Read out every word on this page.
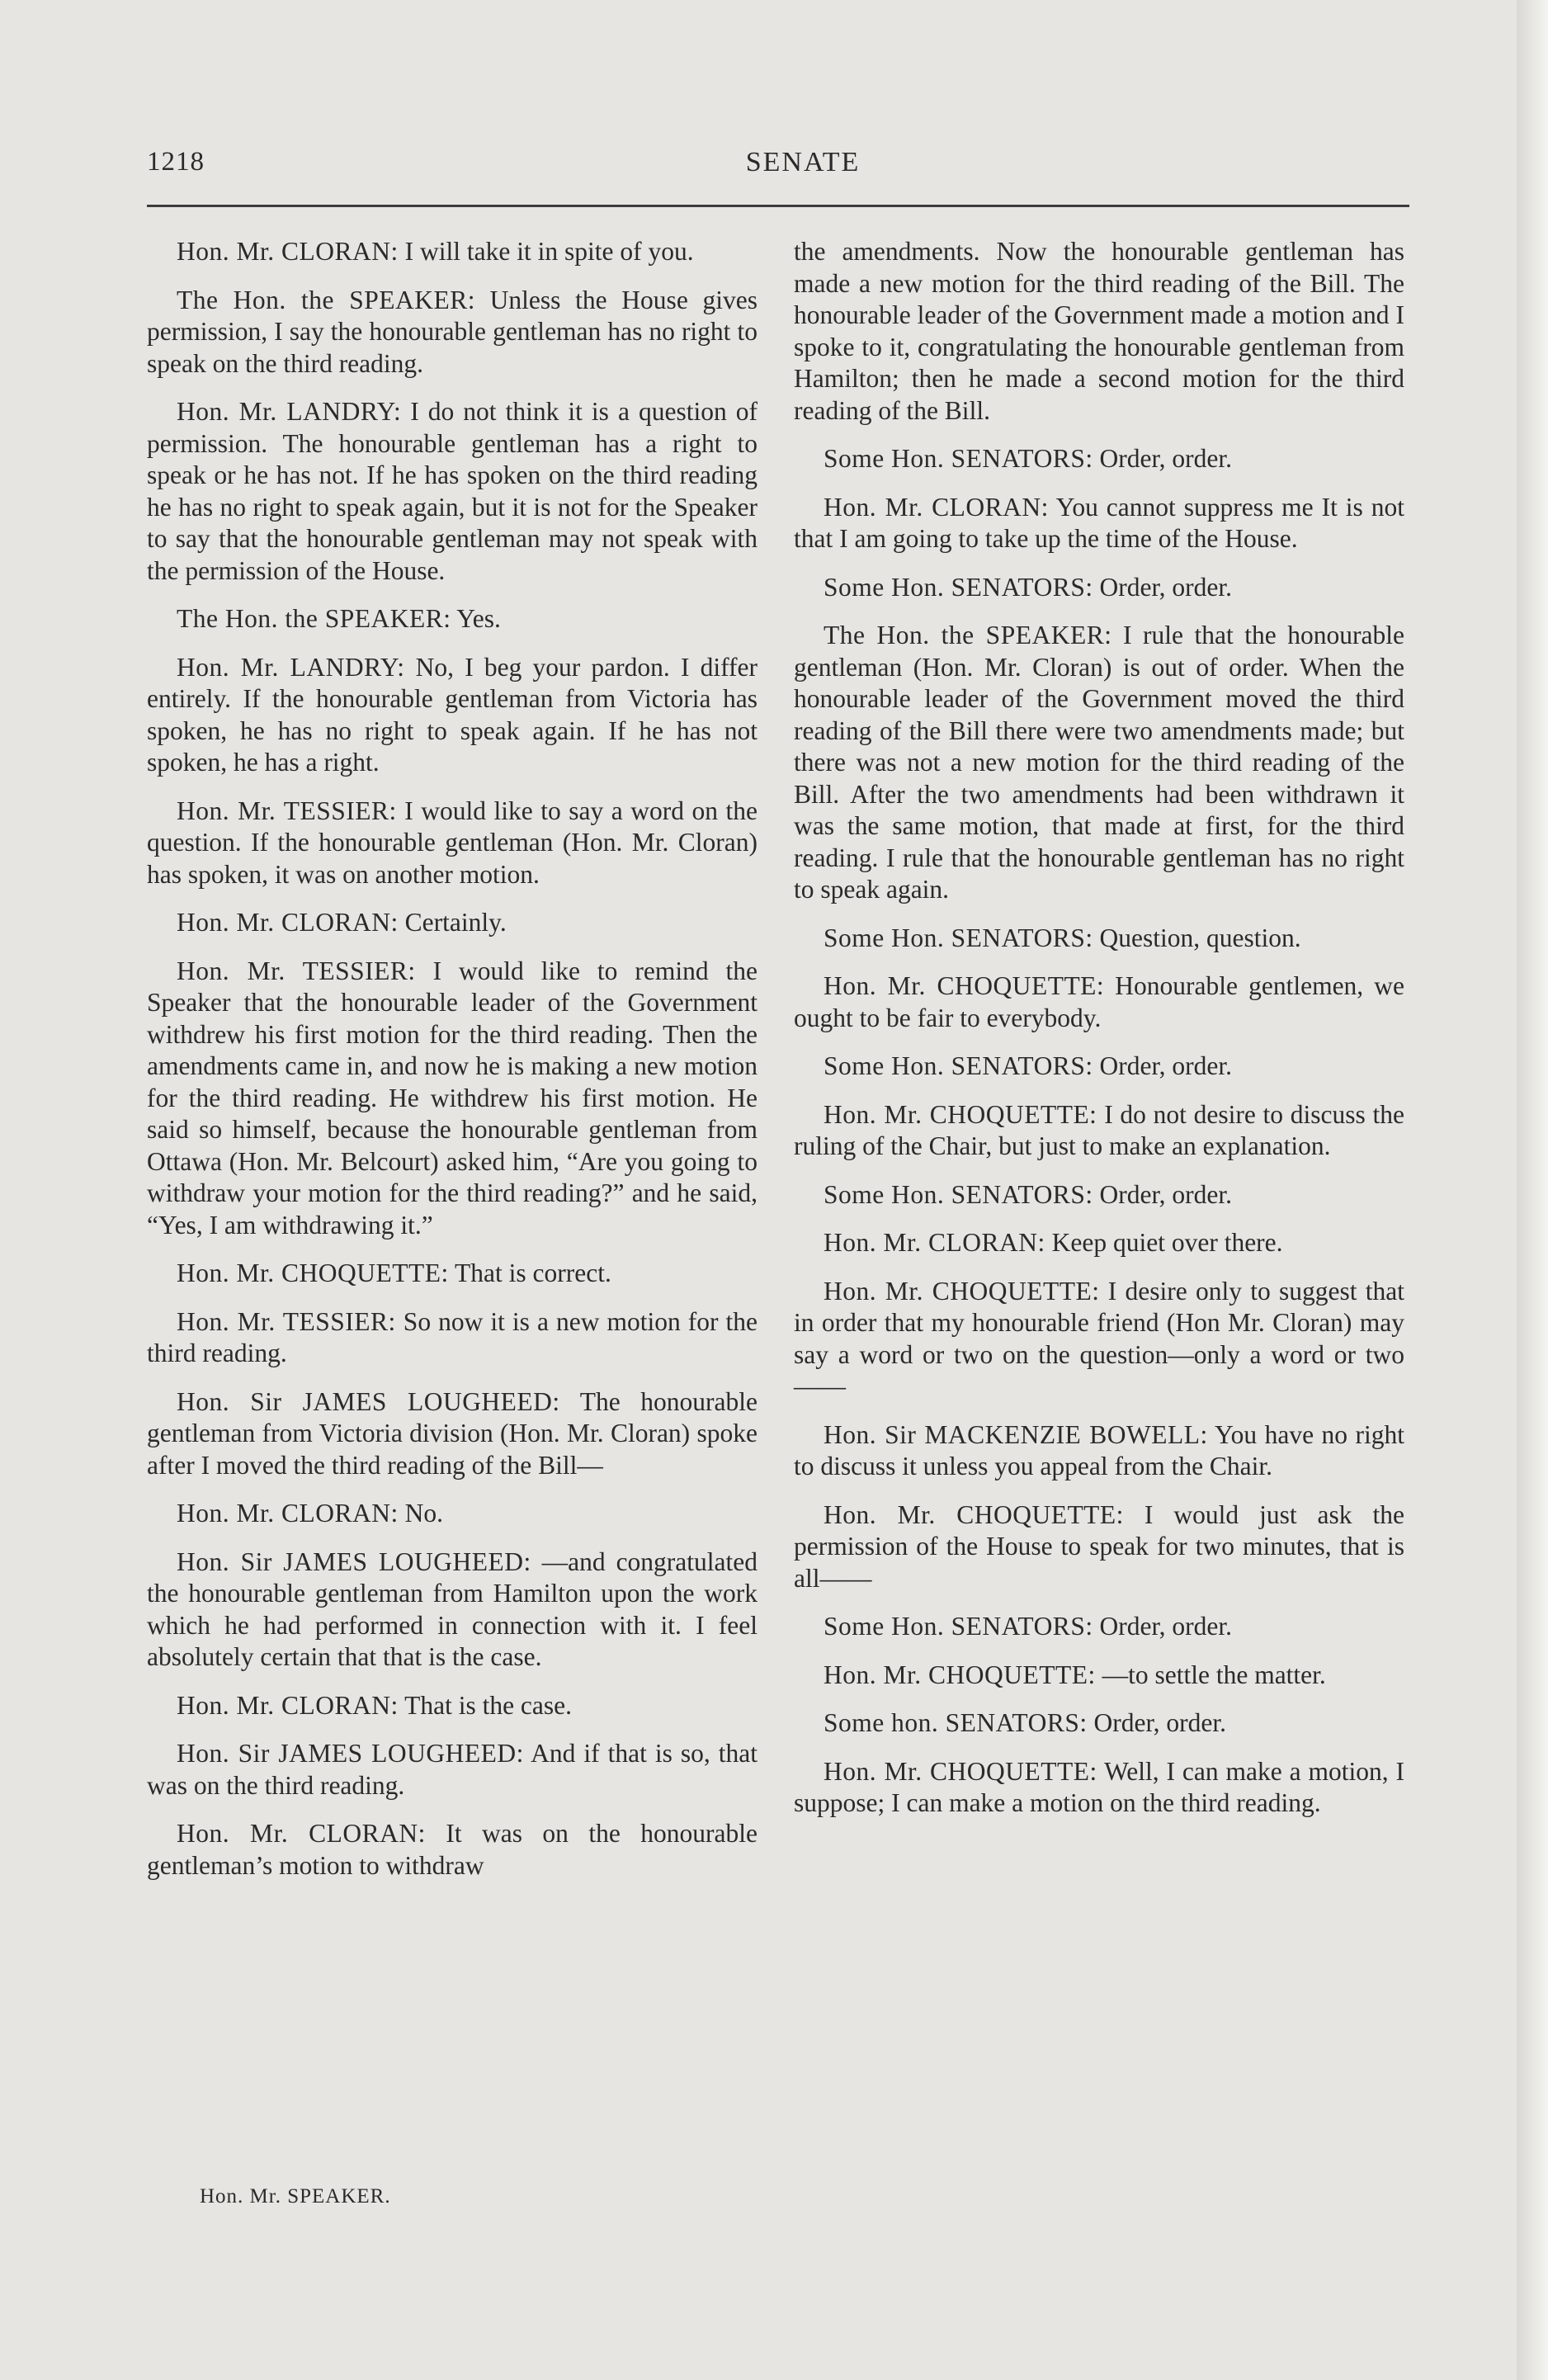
1218	SENATE

Hon. Mr. CLORAN: I will take it in spite of you.

The Hon. the SPEAKER: Unless the House gives permission, I say the honourable gentleman has no right to speak on the third reading.

Hon. Mr. LANDRY: I do not think it is a question of permission. The honourable gentleman has a right to speak or he has not. If he has spoken on the third reading he has no right to speak again, but it is not for the Speaker to say that the honourable gentleman may not speak with the permission of the House.

The Hon. the SPEAKER: Yes.

Hon. Mr. LANDRY: No, I beg your pardon. I differ entirely. If the honourable gentleman from Victoria has spoken, he has no right to speak again. If he has not spoken, he has a right.

Hon. Mr. TESSIER: I would like to say a word on the question. If the honourable gentleman (Hon. Mr. Cloran) has spoken, it was on another motion.

Hon. Mr. CLORAN: Certainly.

Hon. Mr. TESSIER: I would like to remind the Speaker that the honourable leader of the Government withdrew his first motion for the third reading. Then the amendments came in, and now he is making a new motion for the third reading. He withdrew his first motion. He said so himself, because the honourable gentleman from Ottawa (Hon. Mr. Belcourt) asked him, “Are you going to withdraw your motion for the third reading?” and he said, “Yes, I am withdrawing it.”

Hon. Mr. CHOQUETTE: That is correct.

Hon. Mr. TESSIER: So now it is a new motion for the third reading.

Hon. Sir JAMES LOUGHEED: The honourable gentleman from Victoria division (Hon. Mr. Cloran) spoke after I moved the third reading of the Bill—

Hon. Mr. CLORAN: No.

Hon. Sir JAMES LOUGHEED: —and congratulated the honourable gentleman from Hamilton upon the work which he had performed in connection with it. I feel absolutely certain that that is the case.

Hon. Mr. CLORAN: That is the case.

Hon. Sir JAMES LOUGHEED: And if that is so, that was on the third reading.

Hon. Mr. CLORAN: It was on the honourable gentleman’s motion to withdraw

the amendments. Now the honourable gentleman has made a new motion for the third reading of the Bill. The honourable leader of the Government made a motion and I spoke to it, congratulating the honourable gentleman from Hamilton; then he made a second motion for the third reading of the Bill.

Some Hon. SENATORS: Order, order.

Hon. Mr. CLORAN: You cannot suppress me It is not that I am going to take up the time of the House.

Some Hon. SENATORS: Order, order.

The Hon. the SPEAKER: I rule that the honourable gentleman (Hon. Mr. Cloran) is out of order. When the honourable leader of the Government moved the third reading of the Bill there were two amendments made; but there was not a new motion for the third reading of the Bill. After the two amendments had been withdrawn it was the same motion, that made at first, for the third reading. I rule that the honourable gentleman has no right to speak again.

Some Hon. SENATORS: Question, question.

Hon. Mr. CHOQUETTE: Honourable gentlemen, we ought to be fair to everybody.

Some Hon. SENATORS: Order, order.

Hon. Mr. CHOQUETTE: I do not desire to discuss the ruling of the Chair, but just to make an explanation.

Some Hon. SENATORS: Order, order.

Hon. Mr. CLORAN: Keep quiet over there.

Hon. Mr. CHOQUETTE: I desire only to suggest that in order that my honourable friend (Hon Mr. Cloran) may say a word or two on the question—only a word or two——

Hon. Sir MACKENZIE BOWELL: You have no right to discuss it unless you appeal from the Chair.

Hon. Mr. CHOQUETTE: I would just ask the permission of the House to speak for two minutes, that is all——

Some Hon. SENATORS: Order, order.

Hon. Mr. CHOQUETTE: —to settle the matter.

Some hon. SENATORS: Order, order.

Hon. Mr. CHOQUETTE: Well, I can make a motion, I suppose; I can make a motion on the third reading.

Hon. Mr. SPEAKER.
